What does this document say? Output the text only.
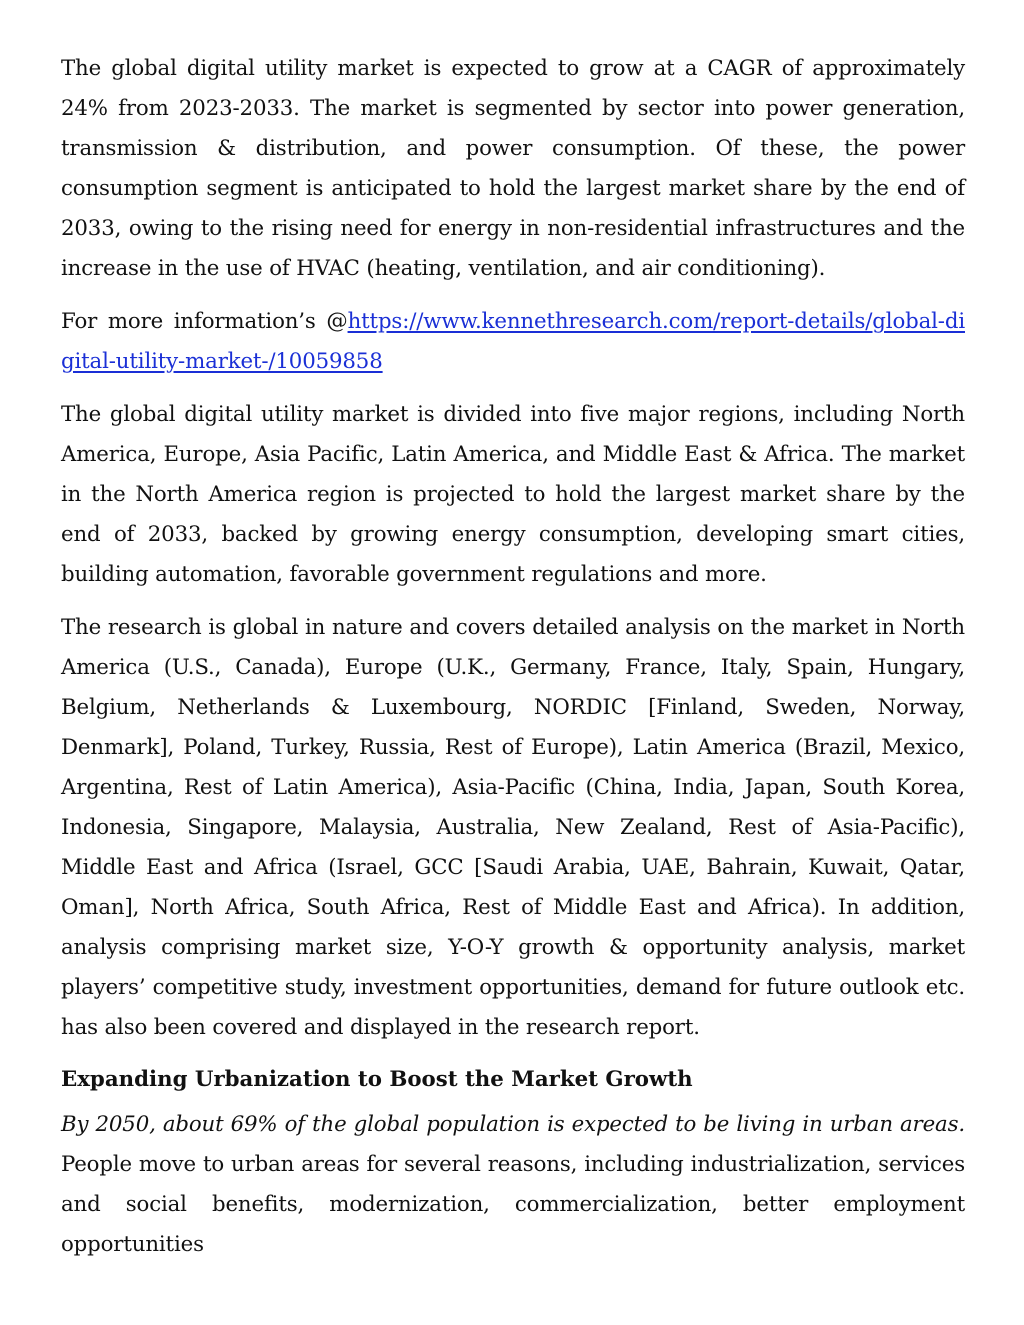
The global digital utility market is expected to grow at a CAGR of approximately 24% from 2023-2033. The market is segmented by sector into power generation, transmission & distribution, and power consumption. Of these, the power consumption segment is anticipated to hold the largest market share by the end of 2033, owing to the rising need for energy in non-residential infrastructures and the increase in the use of HVAC (heating, ventilation, and air conditioning).

For more information’s @https://www.kennethresearch.com/report-details/global-digital-utility-market-/10059858

The global digital utility market is divided into five major regions, including North America, Europe, Asia Pacific, Latin America, and Middle East & Africa. The market in the North America region is projected to hold the largest market share by the end of 2033, backed by growing energy consumption, developing smart cities, building automation, favorable government regulations and more.

The research is global in nature and covers detailed analysis on the market in North America (U.S., Canada), Europe (U.K., Germany, France, Italy, Spain, Hungary, Belgium, Netherlands & Luxembourg, NORDIC [Finland, Sweden, Norway, Denmark], Poland, Turkey, Russia, Rest of Europe), Latin America (Brazil, Mexico, Argentina, Rest of Latin America), Asia-Pacific (China, India, Japan, South Korea, Indonesia, Singapore, Malaysia, Australia, New Zealand, Rest of Asia-Pacific), Middle East and Africa (Israel, GCC [Saudi Arabia, UAE, Bahrain, Kuwait, Qatar, Oman], North Africa, South Africa, Rest of Middle East and Africa). In addition, analysis comprising market size, Y-O-Y growth & opportunity analysis, market players’ competitive study, investment opportunities, demand for future outlook etc. has also been covered and displayed in the research report.

Expanding Urbanization to Boost the Market Growth

By 2050, about 69% of the global population is expected to be living in urban areas. People move to urban areas for several reasons, including industrialization, services and social benefits, modernization, commercialization, better employment opportunities
